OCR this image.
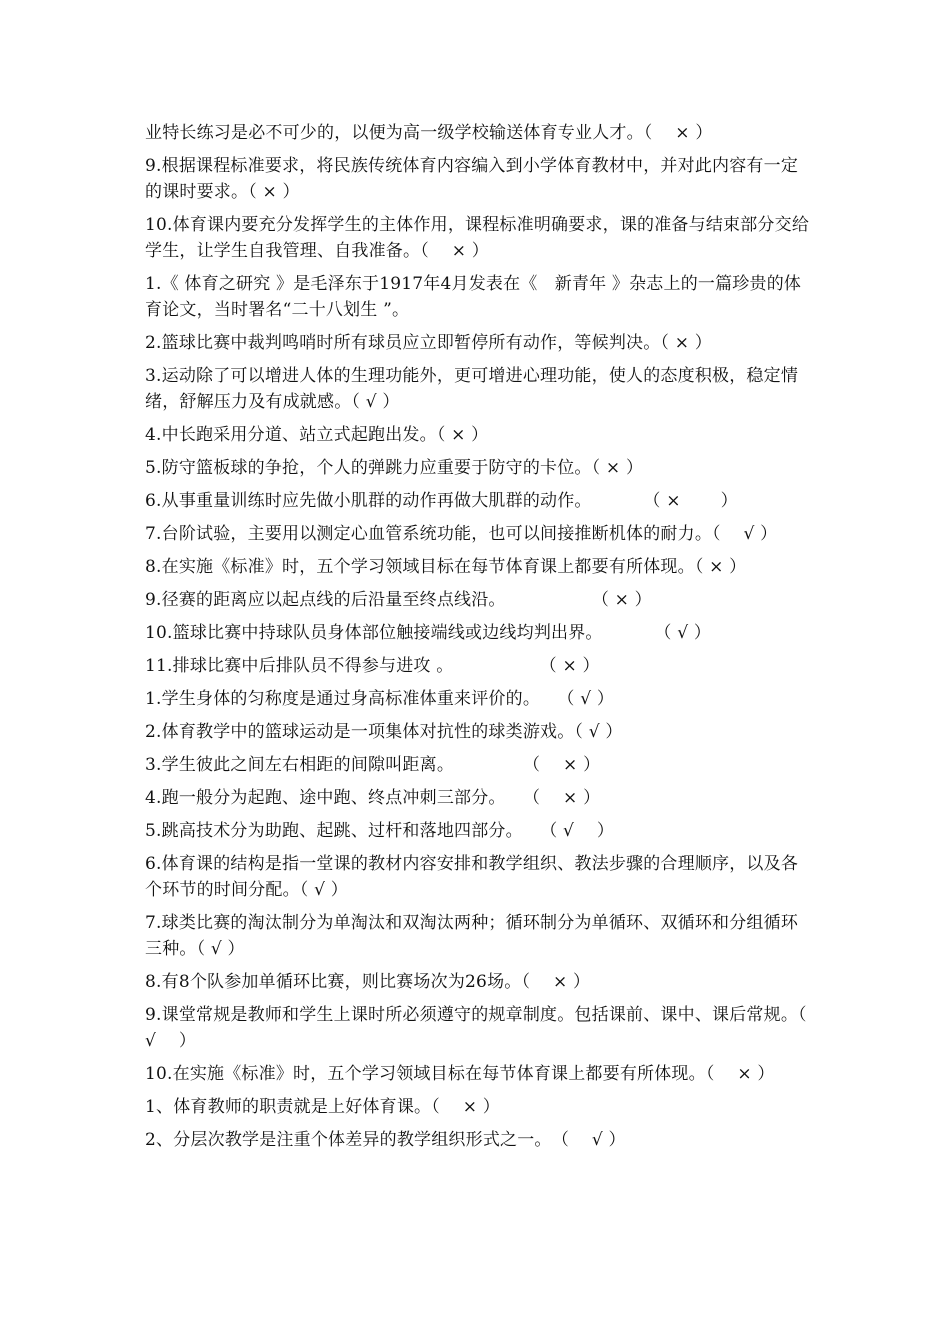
业特长练习是必不可少的，以便为高一级学校输送体育专业人才。（　 × ）
9.根据课程标准要求，将民族传统体育内容编入到小学体育教材中，并对此内容有一定的课时要求。（ × ）
10.体育课内要充分发挥学生的主体作用，课程标准明确要求，课的准备与结束部分交给学生，让学生自我管理、自我准备。（　 × ）
1.《 体育之研究 》是毛泽东于1917年4月发表在《　新青年 》杂志上的一篇珍贵的体育论文，当时署名“二十八划生 ”。
2.篮球比赛中裁判鸣哨时所有球员应立即暂停所有动作，等候判决。（ × ）
3.运动除了可以增进人体的生理功能外，更可增进心理功能，使人的态度积极，稳定情绪，舒解压力及有成就感。（ √ ）
4.中长跑采用分道、站立式起跑出发。（ × ）
5.防守篮板球的争抢，个人的弹跳力应重要于防守的卡位。（ × ）
6.从事重量训练时应先做小肌群的动作再做大肌群的动作。　　　　（ ×　　 ）
7.台阶试验，主要用以测定心血管系统功能，也可以间接推断机体的耐力。（　 √ ）
8.在实施《标准》时，五个学习领域目标在每节体育课上都要有所体现。（ × ）
9.径赛的距离应以起点线的后沿量至终点线沿。　　　　　　（ × ）
10.篮球比赛中持球队员身体部位触接端线或边线均判出界。　　　　（ √ ）
11.排球比赛中后排队员不得参与进攻 。　　　　　　（ × ）
1.学生身体的匀称度是通过身高标准体重来评价的。　　（ √ ）
2.体育教学中的篮球运动是一项集体对抗性的球类游戏。（ √ ）
3.学生彼此之间左右相距的间隙叫距离。　　　　　（　 × ）
4.跑一般分为起跑、途中跑、终点冲刺三部分。　　（　 × ）
5.跳高技术分为助跑、起跳、过杆和落地四部分。　　（ √　 ）
6.体育课的结构是指一堂课的教材内容安排和教学组织、教法步骤的合理顺序，以及各个环节的时间分配。（ √ ）
7.球类比赛的淘汰制分为单淘汰和双淘汰两种；循环制分为单循环、双循环和分组循环三种。（ √ ）
8.有8个队参加单循环比赛，则比赛场次为26场。（　 × ）
9.课堂常规是教师和学生上课时所必须遵守的规章制度。包括课前、课中、课后常规。（ √　 ）
10.在实施《标准》时，五个学习领域目标在每节体育课上都要有所体现。（　 × ）
1、体育教师的职责就是上好体育课。（　 × ）
2、分层次教学是注重个体差异的教学组织形式之一。　（　 √ ）
